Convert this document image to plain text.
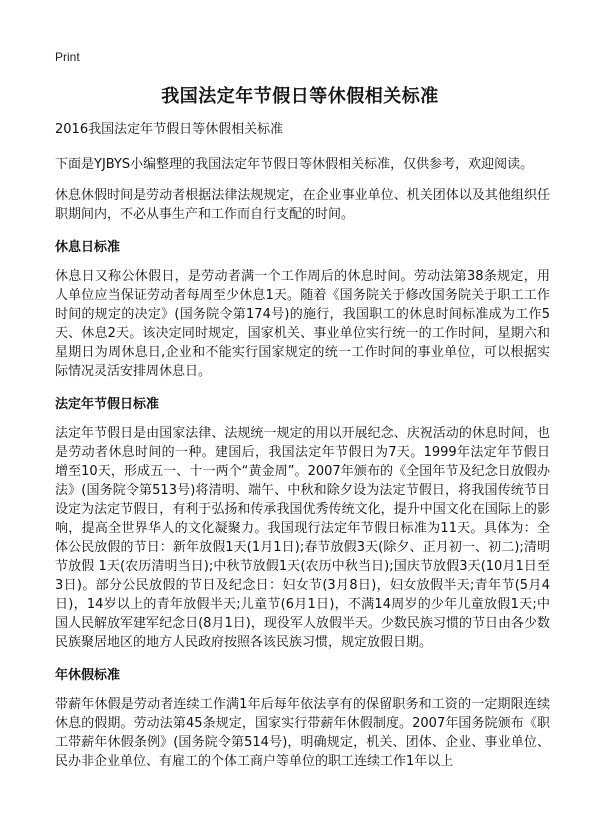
Print
我国法定年节假日等休假相关标准

2016我国法定年节假日等休假相关标准

下面是YJBYS小编整理的我国法定年节假日等休假相关标准，仅供参考，欢迎阅读。

休息休假时间是劳动者根据法律法规规定，在企业事业单位、机关团体以及其他组织任职期间内，不必从事生产和工作而自行支配的时间。

休息日标准

休息日又称公休假日，是劳动者满一个工作周后的休息时间。劳动法第38条规定，用人单位应当保证劳动者每周至少休息1天。随着《国务院关于修改国务院关于职工工作时间的规定的决定》(国务院令第174号)的施行，我国职工的休息时间标准成为工作5天、休息2天。该决定同时规定，国家机关、事业单位实行统一的工作时间，星期六和星期日为周休息日,企业和不能实行国家规定的统一工作时间的事业单位，可以根据实际情况灵活安排周休息日。

法定年节假日标准

法定年节假日是由国家法律、法规统一规定的用以开展纪念、庆祝活动的休息时间，也是劳动者休息时间的一种。建国后，我国法定年节假日为7天。1999年法定年节假日增至10天，形成五一、十一两个“黄金周”。2007年颁布的《全国年节及纪念日放假办法》(国务院令第513号)将清明、端午、中秋和除夕设为法定节假日，将我国传统节日设定为法定节假日，有利于弘扬和传承我国优秀传统文化，提升中国文化在国际上的影响，提高全世界华人的文化凝聚力。我国现行法定年节假日标准为11天。具体为：全体公民放假的节日：新年放假1天(1月1日);春节放假3天(除夕、正月初一、初二);清明节放假 1天(农历清明当日);中秋节放假1天(农历中秋当日);国庆节放假3天(10月1日至3日)。部分公民放假的节日及纪念日：妇女节(3月8日)，妇女放假半天;青年节(5月4日)，14岁以上的青年放假半天;儿童节(6月1日)，不满14周岁的少年儿童放假1天;中国人民解放军建军纪念日(8月1日)，现役军人放假半天。少数民族习惯的节日由各少数民族聚居地区的地方人民政府按照各该民族习惯，规定放假日期。

年休假标准

带薪年休假是劳动者连续工作满1年后每年依法享有的保留职务和工资的一定期限连续休息的假期。劳动法第45条规定，国家实行带薪年休假制度。2007年国务院颁布《职工带薪年休假条例》(国务院令第514号)，明确规定，机关、团体、企业、事业单位、民办非企业单位、有雇工的个体工商户等单位的职工连续工作1年以上
